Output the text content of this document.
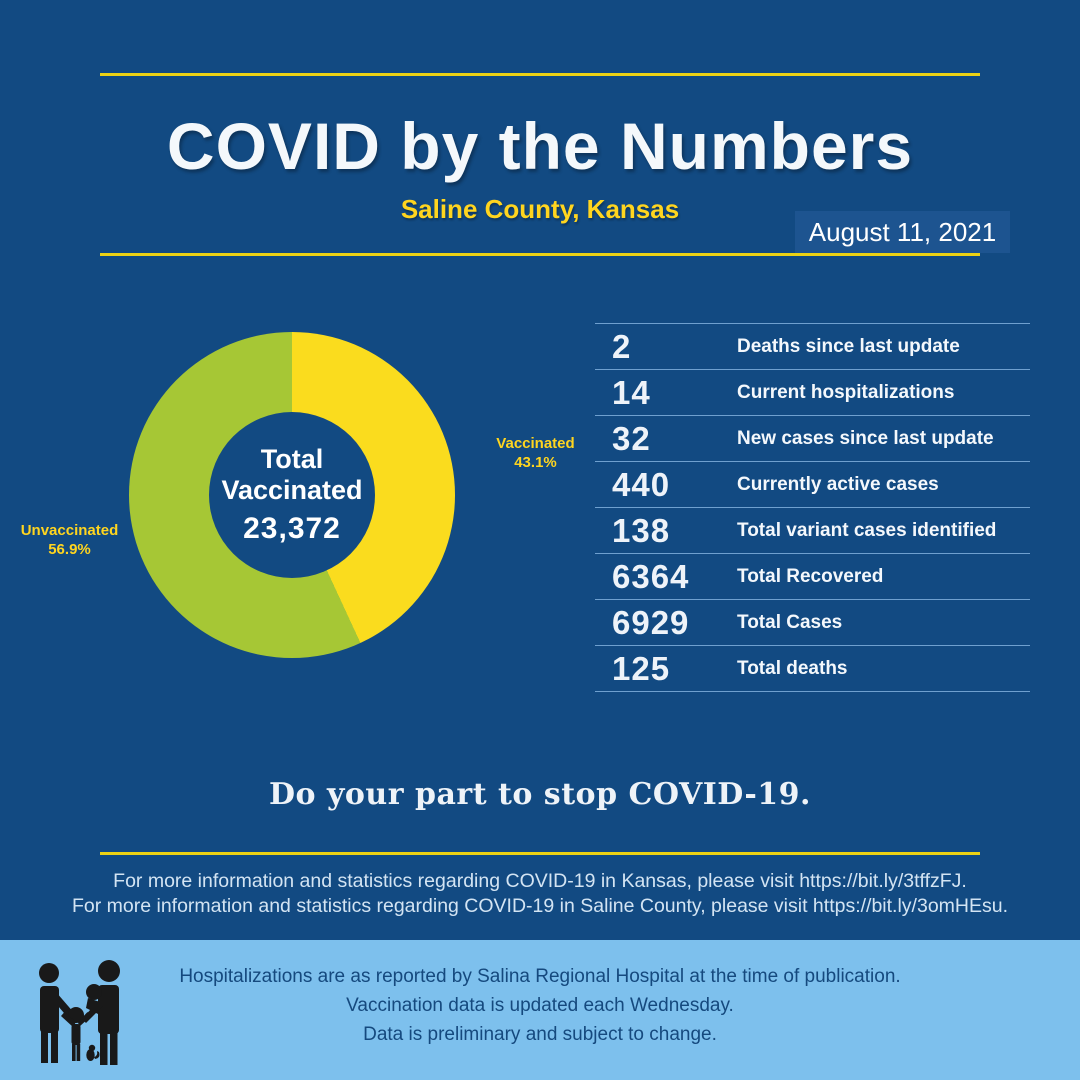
COVID by the Numbers
Saline County, Kansas
August 11, 2021
Total
Vaccinated
23,372
Vaccinated
43.1%
Unvaccinated
56.9%
2	Deaths since last update
14	Current hospitalizations
32	New cases since last update
440	Currently active cases
138	Total variant cases identified
6364	Total Recovered
6929	Total Cases
125	Total deaths
Do your part to stop COVID-19.
For more information and statistics regarding COVID-19 in Kansas, please visit https://bit.ly/3tffzFJ.
For more information and statistics regarding COVID-19 in Saline County, please visit https://bit.ly/3omHEsu.
Hospitalizations are as reported by Salina Regional Hospital at the time of publication.
Vaccination data is updated each Wednesday.
Data is preliminary and subject to change.
